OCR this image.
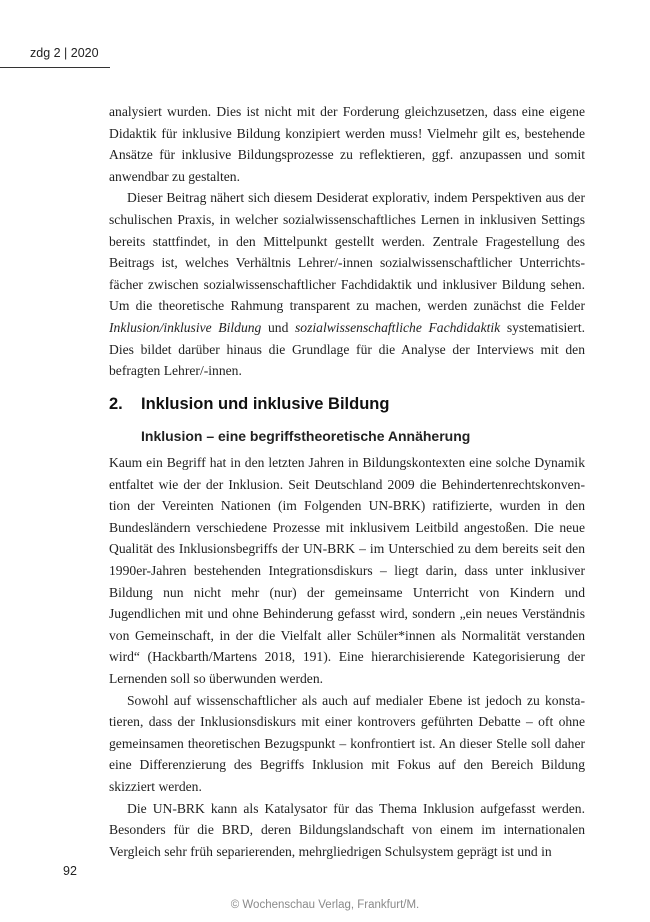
zdg 2 | 2020

analysiert wurden. Dies ist nicht mit der Forderung gleichzusetzen, dass eine eigene Didaktik für inklusive Bildung konzipiert werden muss! Vielmehr gilt es, bestehende Ansätze für inklusive Bildungsprozesse zu reflektieren, ggf. anzupassen und somit anwendbar zu gestalten.

Dieser Beitrag nähert sich diesem Desiderat explorativ, indem Perspektiven aus der schulischen Praxis, in welcher sozialwissenschaftliches Lernen in inklusiven Settings bereits stattfindet, in den Mittelpunkt gestellt werden. Zentrale Fragestellung des Beitrags ist, welches Verhältnis Lehrer/-innen sozialwissenschaftlicher Unterrichtsfächer zwischen sozialwissenschaftlicher Fachdidaktik und inklusiver Bildung sehen. Um die theoretische Rahmung transparent zu machen, werden zunächst die Felder Inklusion/inklusive Bildung und sozialwissenschaftliche Fachdidaktik systematisiert. Dies bildet darüber hinaus die Grundlage für die Analyse der Interviews mit den befragten Lehrer/-innen.

2. Inklusion und inklusive Bildung
Inklusion – eine begriffstheoretische Annäherung

Kaum ein Begriff hat in den letzten Jahren in Bildungskontexten eine solche Dynamik entfaltet wie der der Inklusion. Seit Deutschland 2009 die Behindertenrechtskonvention der Vereinten Nationen (im Folgenden UN-BRK) ratifizierte, wurden in den Bundesländern verschiedene Prozesse mit inklusivem Leitbild angestoßen. Die neue Qualität des Inklusionsbegriffs der UN-BRK – im Unterschied zu dem bereits seit den 1990er-Jahren bestehenden Integrationsdiskurs – liegt darin, dass unter inklusiver Bildung nun nicht mehr (nur) der gemeinsame Unterricht von Kindern und Jugendlichen mit und ohne Behinderung gefasst wird, sondern „ein neues Verständnis von Gemeinschaft, in der die Vielfalt aller Schüler*innen als Normalität verstanden wird“ (Hackbarth/Martens 2018, 191). Eine hierarchisierende Kategorisierung der Lernenden soll so überwunden werden.

Sowohl auf wissenschaftlicher als auch auf medialer Ebene ist jedoch zu konstatieren, dass der Inklusionsdiskurs mit einer kontrovers geführten Debatte – oft ohne gemeinsamen theoretischen Bezugspunkt – konfrontiert ist. An dieser Stelle soll daher eine Differenzierung des Begriffs Inklusion mit Fokus auf den Bereich Bildung skizziert werden.

Die UN-BRK kann als Katalysator für das Thema Inklusion aufgefasst werden. Besonders für die BRD, deren Bildungslandschaft von einem im internationalen Vergleich sehr früh separierenden, mehrgliedrigen Schulsystem geprägt ist und in

92
© Wochenschau Verlag, Frankfurt/M.
